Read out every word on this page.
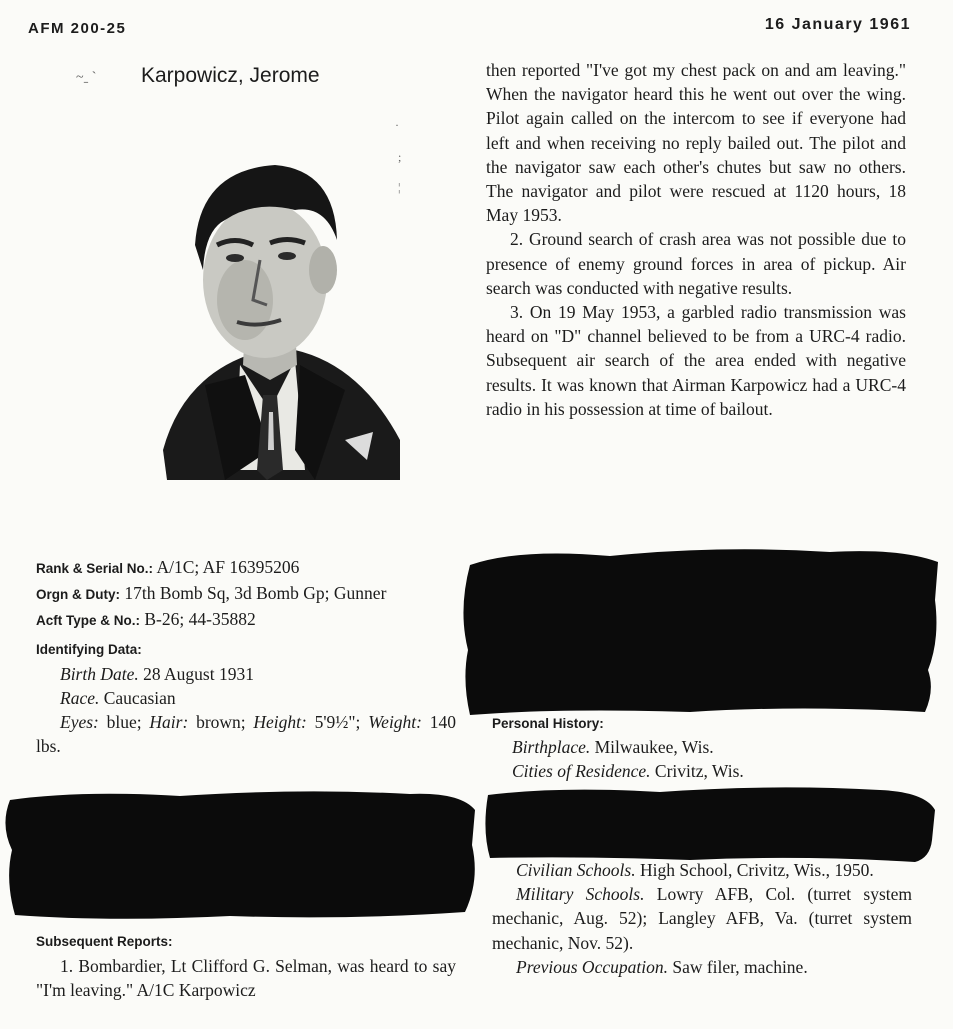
AFM 200-25	16 January 1961
~ˍ ˋ Karpowicz, Jerome
·
;
¦

Rank & Serial No.: A/1C; AF 16395206

Orgn & Duty: 17th Bomb Sq, 3d Bomb Gp; Gunner

Acft Type & No.: B-26; 44-35882

Identifying Data:

Birth Date. 28 August 1931

Race. Caucasian

Eyes: blue; Hair: brown; Height: 5'9½"; Weight: 140 lbs.

Subsequent Reports:

1. Bombardier, Lt Clifford G. Selman, was heard to say "I'm leaving." A/1C Karpowicz

then reported "I've got my chest pack on and am leaving." When the navigator heard this he went out over the wing. Pilot again called on the intercom to see if everyone had left and when receiving no reply bailed out. The pilot and the navigator saw each other's chutes but saw no others. The navigator and pilot were rescued at 1120 hours, 18 May 1953.

2. Ground search of crash area was not possible due to presence of enemy ground forces in area of pickup. Air search was conducted with negative results.

3. On 19 May 1953, a garbled radio transmission was heard on "D" channel believed to be from a URC-4 radio. Subsequent air search of the area ended with negative results. It was known that Airman Karpowicz had a URC-4 radio in his possession at time of bailout.

Personal History:

Birthplace. Milwaukee, Wis.

Cities of Residence. Crivitz, Wis.

Civilian Schools. High School, Crivitz, Wis., 1950.

Military Schools. Lowry AFB, Col. (turret system mechanic, Aug. 52); Langley AFB, Va. (turret system mechanic, Nov. 52).

Previous Occupation. Saw filer, machine.
